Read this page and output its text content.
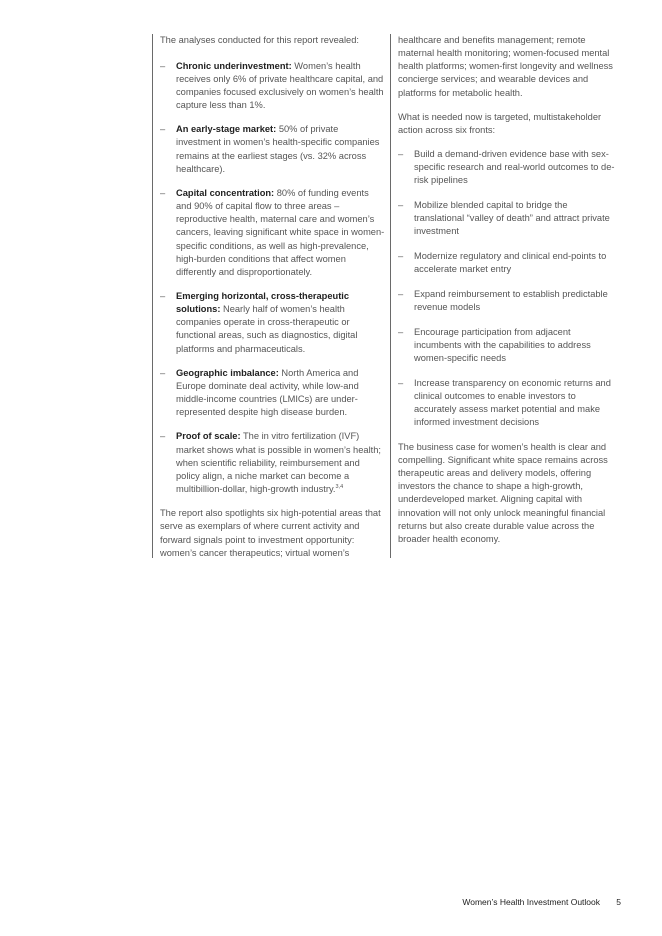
The analyses conducted for this report revealed:

– Chronic underinvestment: Women’s health receives only 6% of private healthcare capital, and companies focused exclusively on women’s health capture less than 1%.
– An early-stage market: 50% of private investment in women’s health-specific companies remains at the earliest stages (vs. 32% across healthcare).
– Capital concentration: 80% of funding events and 90% of capital flow to three areas – reproductive health, maternal care and women’s cancers, leaving significant white space in women-specific conditions, as well as high-prevalence, high-burden conditions that affect women differently and disproportionately.
– Emerging horizontal, cross-therapeutic solutions: Nearly half of women’s health companies operate in cross-therapeutic or functional areas, such as diagnostics, digital platforms and pharmaceuticals.
– Geographic imbalance: North America and Europe dominate deal activity, while low-and middle-income countries (LMICs) are under-represented despite high disease burden.
– Proof of scale: The in vitro fertilization (IVF) market shows what is possible in women’s health; when scientific reliability, reimbursement and policy align, a niche market can become a multibillion-dollar, high-growth industry.$^{3,4}$

The report also spotlights six high-potential areas that serve as exemplars of where current activity and forward signals point to investment opportunity: women’s cancer therapeutics; virtual women’s

healthcare and benefits management; remote maternal health monitoring; women-focused mental health platforms; women-first longevity and wellness concierge services; and wearable devices and platforms for metabolic health.

What is needed now is targeted, multistakeholder action across six fronts:

– Build a demand-driven evidence base with sex-specific research and real-world outcomes to de-risk pipelines
– Mobilize blended capital to bridge the translational “valley of death” and attract private investment
– Modernize regulatory and clinical end-points to accelerate market entry
– Expand reimbursement to establish predictable revenue models
– Encourage participation from adjacent incumbents with the capabilities to address women-specific needs
– Increase transparency on economic returns and clinical outcomes to enable investors to accurately assess market potential and make informed investment decisions

The business case for women’s health is clear and compelling. Significant white space remains across therapeutic areas and delivery models, offering investors the chance to shape a high-growth, underdeveloped market. Aligning capital with innovation will not only unlock meaningful financial returns but also create durable value across the broader health economy.

Women’s Health Investment Outlook 5
